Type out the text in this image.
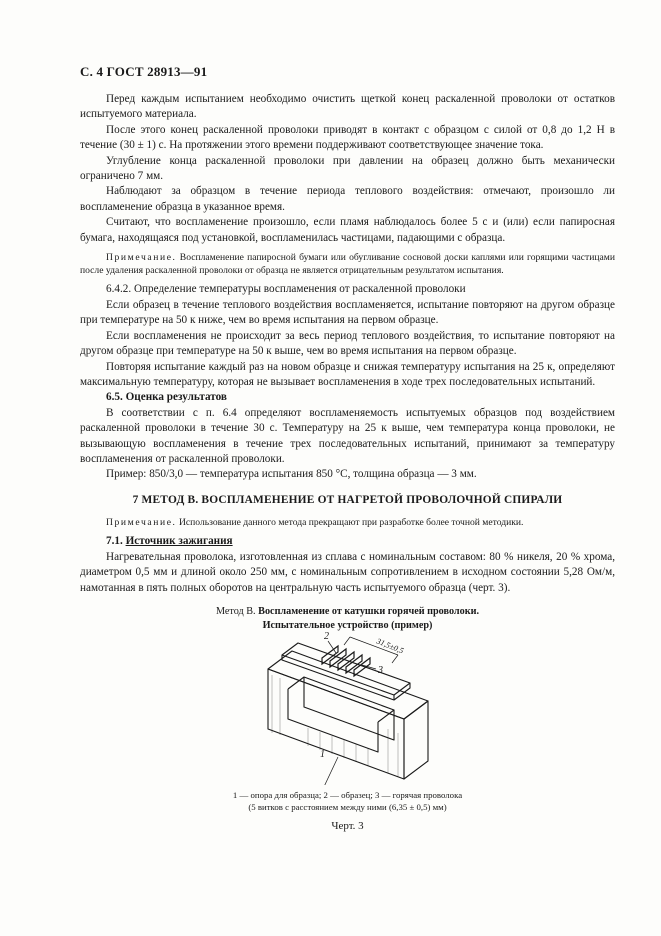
С. 4 ГОСТ 28913—91

Перед каждым испытанием необходимо очистить щеткой конец раскаленной проволоки от остатков испытуемого материала.

После этого конец раскаленной проволоки приводят в контакт с образцом с силой от 0,8 до 1,2 Н в течение (30 ± 1) с. На протяжении этого времени поддерживают соответствующее значение тока.

Углубление конца раскаленной проволоки при давлении на образец должно быть механически ограничено 7 мм.

Наблюдают за образцом в течение периода теплового воздействия: отмечают, произошло ли воспламенение образца в указанное время.

Считают, что воспламенение произошло, если пламя наблюдалось более 5 с и (или) если папиросная бумага, находящаяся под установкой, воспламенилась частицами, падающими с образца.

Примечание. Воспламенение папиросной бумаги или обугливание сосновой доски каплями или горящими частицами после удаления раскаленной проволоки от образца не является отрицательным результатом испытания.

6.4.2. Определение температуры воспламенения от раскаленной проволоки

Если образец в течение теплового воздействия воспламеняется, испытание повторяют на другом образце при температуре на 50 к ниже, чем во время испытания на первом образце.

Если воспламенения не происходит за весь период теплового воздействия, то испытание повторяют на другом образце при температуре на 50 к выше, чем во время испытания на первом образце.

Повторяя испытание каждый раз на новом образце и снижая температуру испытания на 25 к, определяют максимальную температуру, которая не вызывает воспламенения в ходе трех последовательных испытаний.

6.5. Оценка результатов

В соответствии с п. 6.4 определяют воспламеняемость испытуемых образцов под воздействием раскаленной проволоки в течение 30 с. Температуру на 25 к выше, чем температура конца проволоки, не вызывающую воспламенения в течение трех последовательных испытаний, принимают за температуру воспламенения от раскаленной проволоки.

Пример: 850/3,0 — температура испытания 850 °С, толщина образца — 3 мм.

7 МЕТОД В. ВОСПЛАМЕНЕНИЕ ОТ НАГРЕТОЙ ПРОВОЛОЧНОЙ СПИРАЛИ

Примечание. Использование данного метода прекращают при разработке более точной методики.

7.1. Источник зажигания

Нагревательная проволока, изготовленная из сплава с номинальным составом: 80 % никеля, 20 % хрома, диаметром 0,5 мм и длиной около 250 мм, с номинальным сопротивлением в исходном состоянии 5,28 Ом/м, намотанная в пять полных оборотов на центральную часть испытуемого образца (черт. 3).

Метод В. Воспламенение от катушки горячей проволоки.
Испытательное устройство (пример)

31,5±0,5
2
3
1
1 — опора для образца; 2 — образец; 3 — горячая проволока
(5 витков с расстоянием между ними (6,35 ± 0,5) мм)
Черт. 3
